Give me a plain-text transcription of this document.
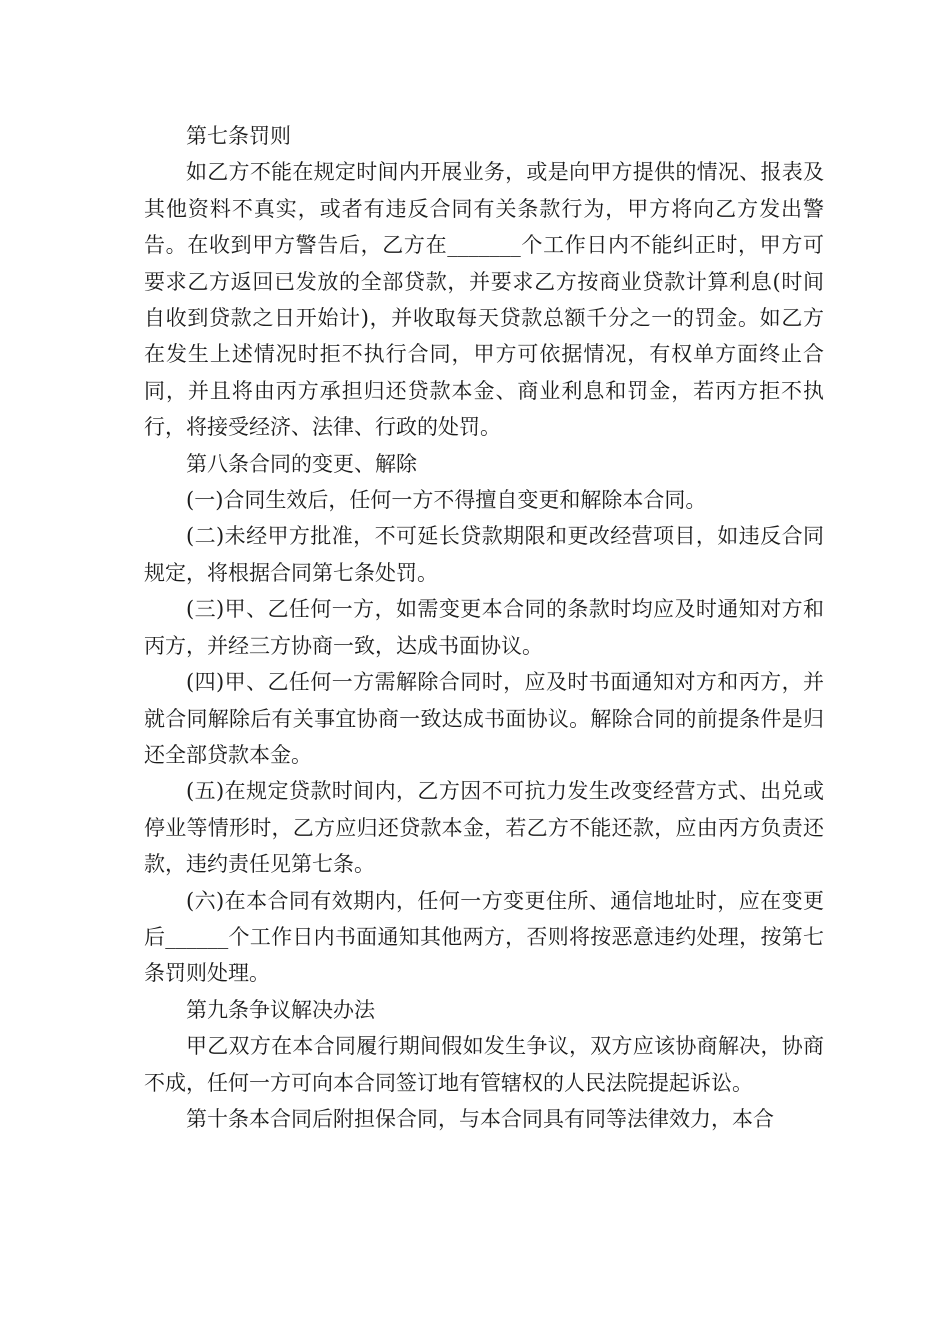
第七条罚则

如乙方不能在规定时间内开展业务，或是向甲方提供的情况、报表及其他资料不真实，或者有违反合同有关条款行为，甲方将向乙方发出警告。在收到甲方警告后，乙方在_______个工作日内不能纠正时，甲方可要求乙方返回已发放的全部贷款，并要求乙方按商业贷款计算利息(时间自收到贷款之日开始计)，并收取每天贷款总额千分之一的罚金。如乙方在发生上述情况时拒不执行合同，甲方可依据情况，有权单方面终止合同，并且将由丙方承担归还贷款本金、商业利息和罚金，若丙方拒不执行，将接受经济、法律、行政的处罚。

第八条合同的变更、解除

(一)合同生效后，任何一方不得擅自变更和解除本合同。

(二)未经甲方批准，不可延长贷款期限和更改经营项目，如违反合同规定，将根据合同第七条处罚。

(三)甲、乙任何一方，如需变更本合同的条款时均应及时通知对方和丙方，并经三方协商一致，达成书面协议。

(四)甲、乙任何一方需解除合同时，应及时书面通知对方和丙方，并就合同解除后有关事宜协商一致达成书面协议。解除合同的前提条件是归还全部贷款本金。

(五)在规定贷款时间内，乙方因不可抗力发生改变经营方式、出兑或停业等情形时，乙方应归还贷款本金，若乙方不能还款，应由丙方负责还款，违约责任见第七条。

(六)在本合同有效期内，任何一方变更住所、通信地址时，应在变更后______个工作日内书面通知其他两方，否则将按恶意违约处理，按第七条罚则处理。

第九条争议解决办法

甲乙双方在本合同履行期间假如发生争议，双方应该协商解决，协商不成，任何一方可向本合同签订地有管辖权的人民法院提起诉讼。

第十条本合同后附担保合同，与本合同具有同等法律效力，本合
